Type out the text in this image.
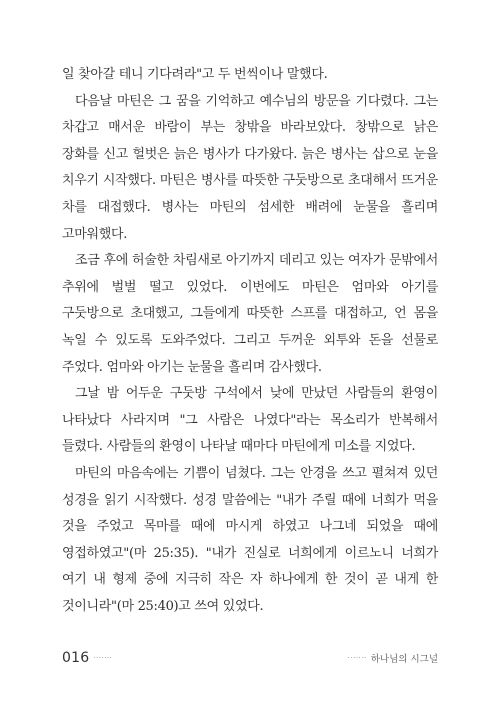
일 찾아갈 테니 기다려라"고 두 번씩이나 말했다.

다음날 마틴은 그 꿈을 기억하고 예수님의 방문을 기다렸다. 그는 차갑고 매서운 바람이 부는 창밖을 바라보았다. 창밖으로 낡은 장화를 신고 헐벗은 늙은 병사가 다가왔다. 늙은 병사는 삽으로 눈을 치우기 시작했다. 마틴은 병사를 따뜻한 구둣방으로 초대해서 뜨거운 차를 대접했다. 병사는 마틴의 섬세한 배려에 눈물을 흘리며 고마워했다.

조금 후에 허술한 차림새로 아기까지 데리고 있는 여자가 문밖에서 추위에 벌벌 떨고 있었다. 이번에도 마틴은 엄마와 아기를 구둣방으로 초대했고, 그들에게 따뜻한 스프를 대접하고, 언 몸을 녹일 수 있도록 도와주었다. 그리고 두꺼운 외투와 돈을 선물로 주었다. 엄마와 아기는 눈물을 흘리며 감사했다.

그날 밤 어두운 구둣방 구석에서 낮에 만났던 사람들의 환영이 나타났다 사라지며 "그 사람은 나였다"라는 목소리가 반복해서 들렸다. 사람들의 환영이 나타날 때마다 마틴에게 미소를 지었다.

마틴의 마음속에는 기쁨이 넘쳤다. 그는 안경을 쓰고 펼쳐져 있던 성경을 읽기 시작했다. 성경 말씀에는 "내가 주릴 때에 너희가 먹을 것을 주었고 목마를 때에 마시게 하였고 나그네 되었을 때에 영접하였고"(마 25:35). "내가 진실로 너희에게 이르노니 너희가 여기 내 형제 중에 지극히 작은 자 하나에게 한 것이 곧 내게 한 것이니라"(마 25:40)고 쓰여 있었다.

016 ·······	······· 하나님의 시그널
